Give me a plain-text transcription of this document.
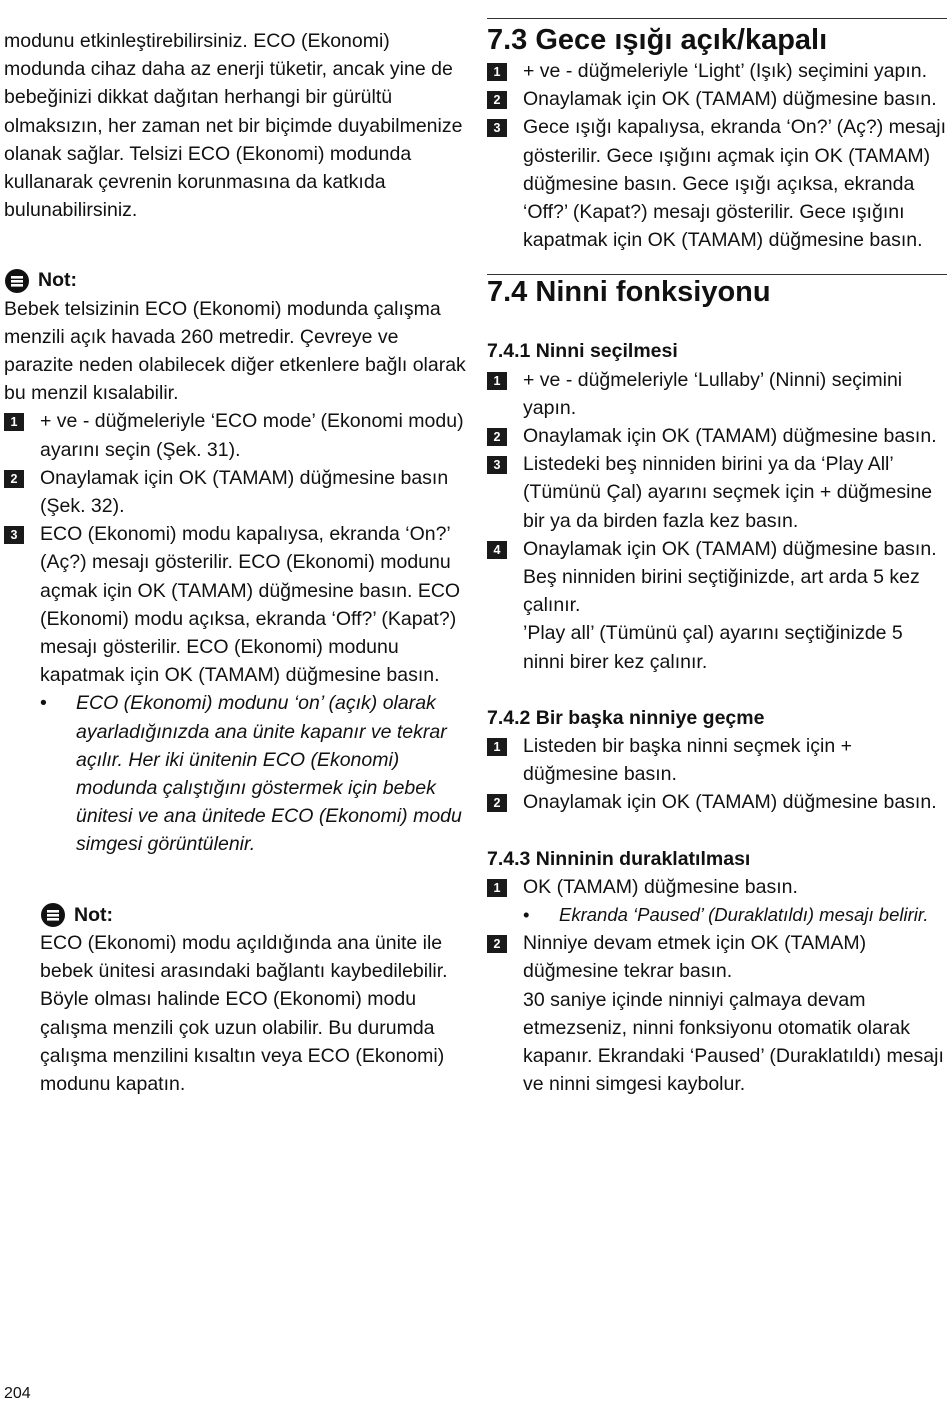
modunu etkinleştirebilirsiniz. ECO (Ekonomi) modunda cihaz daha az enerji tüketir, ancak yine de bebeğinizi dikkat dağıtan herhangi bir gürültü olmaksızın, her zaman net bir biçimde duyabilmenize olanak sağlar. Telsizi ECO (Ekonomi) modunda kullanarak çevrenin korunmasına da katkıda bulunabilirsiniz.

Not:

Bebek telsizinin ECO (Ekonomi) modunda çalışma menzili açık havada 260 metredir. Çevreye ve parazite neden olabilecek diğer etkenlere bağlı olarak bu menzil kısalabilir.

1	+ ve - düğmeleriyle ‘ECO mode’ (Ekonomi modu) ayarını seçin (Şek. 31).
2	Onaylamak için OK (TAMAM) düğmesine basın (Şek. 32).
3	ECO (Ekonomi) modu kapalıysa, ekranda ‘On?’ (Aç?) mesajı gösterilir. ECO (Ekonomi) modunu açmak için OK (TAMAM) düğmesine basın. ECO (Ekonomi) modu açıksa, ekranda ‘Off?’ (Kapat?) mesajı gösterilir. ECO (Ekonomi) modunu kapatmak için OK (TAMAM) düğmesine basın.
• ECO (Ekonomi) modunu ‘on’ (açık) olarak ayarladığınızda ana ünite kapanır ve tekrar açılır. Her iki ünitenin ECO (Ekonomi) modunda çalıştığını göstermek için bebek ünitesi ve ana ünitede ECO (Ekonomi) modu simgesi görüntülenir.
Not:

ECO (Ekonomi) modu açıldığında ana ünite ile bebek ünitesi arasındaki bağlantı kaybedilebilir. Böyle olması halinde ECO (Ekonomi) modu çalışma menzili çok uzun olabilir. Bu durumda çalışma menzilini kısaltın veya ECO (Ekonomi) modunu kapatın.

7.3 Gece ışığı açık/kapalı
1	+ ve - düğmeleriyle ‘Light’ (Işık) seçimini yapın.
2	Onaylamak için OK (TAMAM) düğmesine basın.
3	Gece ışığı kapalıysa, ekranda ‘On?’ (Aç?) mesajı gösterilir. Gece ışığını açmak için OK (TAMAM) düğmesine basın. Gece ışığı açıksa, ekranda ‘Off?’ (Kapat?) mesajı gösterilir. Gece ışığını kapatmak için OK (TAMAM) düğmesine basın.
7.4 Ninni fonksiyonu
7.4.1 Ninni seçilmesi
1	+ ve - düğmeleriyle ‘Lullaby’ (Ninni) seçimini yapın.
2	Onaylamak için OK (TAMAM) düğmesine basın.
3	Listedeki beş ninniden birini ya da ‘Play All’ (Tümünü Çal) ayarını seçmek için + düğmesine bir ya da birden fazla kez basın.
4	Onaylamak için OK (TAMAM) düğmesine basın.

Beş ninniden birini seçtiğinizde, art arda 5 kez çalınır.

’Play all’ (Tümünü çal) ayarını seçtiğinizde 5 ninni birer kez çalınır.

7.4.2 Bir başka ninniye geçme
1	Listeden bir başka ninni seçmek için + düğmesine basın.
2	Onaylamak için OK (TAMAM) düğmesine basın.
7.4.3 Ninninin duraklatılması
1	OK (TAMAM) düğmesine basın.
• Ekranda ‘Paused’ (Duraklatıldı) mesajı belirir.
2	Ninniye devam etmek için OK (TAMAM) düğmesine tekrar basın.

30 saniye içinde ninniyi çalmaya devam etmezseniz, ninni fonksiyonu otomatik olarak kapanır. Ekrandaki ‘Paused’ (Duraklatıldı) mesajı ve ninni simgesi kaybolur.

204
